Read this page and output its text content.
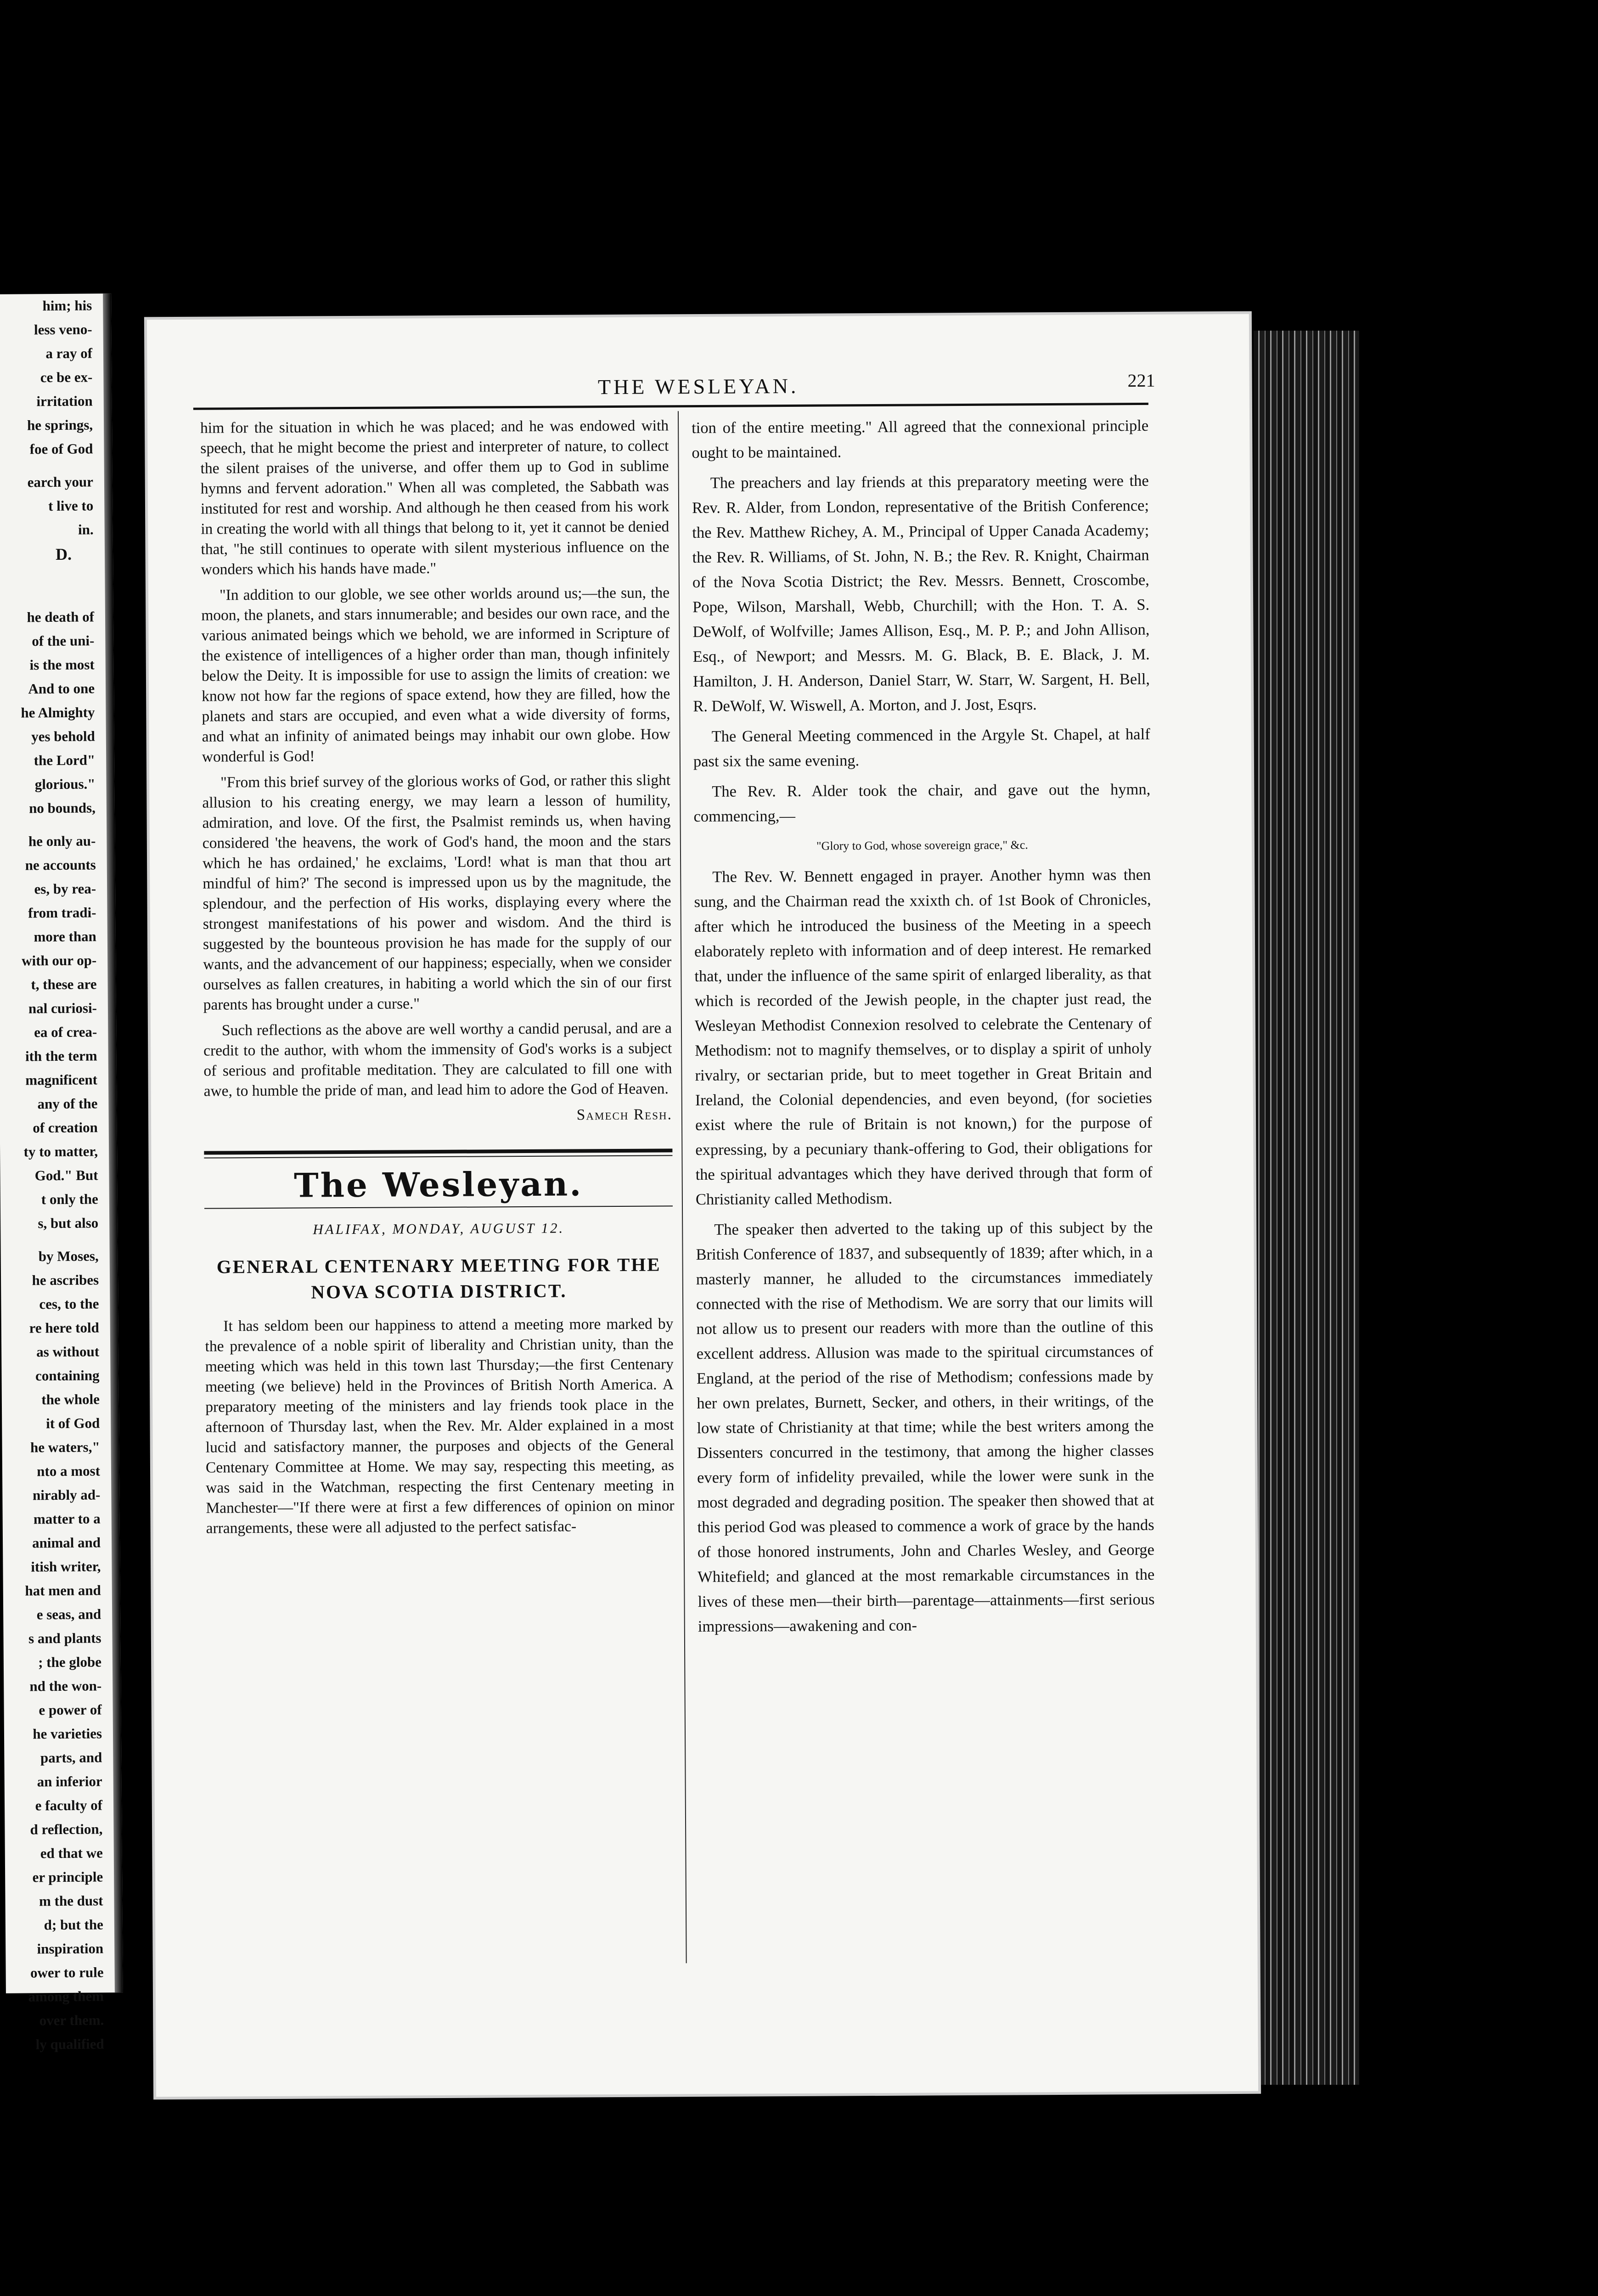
him; his
less veno-
a ray of
ce be ex-
irritation
he springs,
foe of God
earch your
t live to
in.
D.
he death of
of the uni-
is the most
And to one
he Almighty
yes behold
the Lord"
glorious."
no bounds,
he only au-
ne accounts
es, by rea-
from tradi-
more than
with our op-
t, these are
nal curiosi-
ea of crea-
ith the term
magnificent
any of the
of creation
ty to matter,
God." But
t only the
s, but also
by Moses,
he ascribes
ces, to the
re here told
as without
containing
the whole
it of God
he waters,"
nto a most
nirably ad-
matter to a
animal and
itish writer,
hat men and
e seas, and
s and plants
; the globe
nd the won-
e power of
he varieties
parts, and
an inferior
e faculty of
d reflection,
ed that we
er principle
m the dust
d; but the
inspiration
ower to rule
among them
over them.
ly qualified
THE WESLEYAN.	221

him for the situation in which he was placed; and he was endowed with speech, that he might become the priest and interpreter of nature, to collect the silent praises of the universe, and offer them up to God in sublime hymns and fervent adoration." When all was completed, the Sabbath was instituted for rest and worship. And although he then ceased from his work in creating the world with all things that belong to it, yet it cannot be denied that, "he still continues to operate with silent mysterious influence on the wonders which his hands have made."

"In addition to our globle, we see other worlds around us;—the sun, the moon, the planets, and stars innumerable; and besides our own race, and the various animated beings which we behold, we are informed in Scripture of the existence of intelligences of a higher order than man, though infinitely below the Deity. It is impossible for use to assign the limits of creation: we know not how far the regions of space extend, how they are filled, how the planets and stars are occupied, and even what a wide diversity of forms, and what an infinity of animated beings may inhabit our own globe. How wonderful is God!

"From this brief survey of the glorious works of God, or rather this slight allusion to his creating energy, we may learn a lesson of humility, admiration, and love. Of the first, the Psalmist reminds us, when having considered 'the heavens, the work of God's hand, the moon and the stars which he has ordained,' he exclaims, 'Lord! what is man that thou art mindful of him?' The second is impressed upon us by the magnitude, the splendour, and the perfection of His works, displaying every where the strongest manifestations of his power and wisdom. And the third is suggested by the bounteous provision he has made for the supply of our wants, and the advancement of our happiness; especially, when we consider ourselves as fallen creatures, in habiting a world which the sin of our first parents has brought under a curse."

Such reflections as the above are well worthy a candid perusal, and are a credit to the author, with whom the immensity of God's works is a subject of serious and profitable meditation. They are calculated to fill one with awe, to humble the pride of man, and lead him to adore the God of Heaven.

Samech Resh.

The Wesleyan.
HALIFAX, MONDAY, AUGUST 12.
GENERAL CENTENARY MEETING FOR THE NOVA SCOTIA DISTRICT.

It has seldom been our happiness to attend a meeting more marked by the prevalence of a noble spirit of liberality and Christian unity, than the meeting which was held in this town last Thursday;—the first Centenary meeting (we believe) held in the Provinces of British North America. A preparatory meeting of the ministers and lay friends took place in the afternoon of Thursday last, when the Rev. Mr. Alder explained in a most lucid and satisfactory manner, the purposes and objects of the General Centenary Committee at Home. We may say, respecting this meeting, as was said in the Watchman, respecting the first Centenary meeting in Manchester—"If there were at first a few differences of opinion on minor arrangements, these were all adjusted to the perfect satisfac-

tion of the entire meeting." All agreed that the connexional principle ought to be maintained.

The preachers and lay friends at this preparatory meeting were the Rev. R. Alder, from London, representative of the British Conference; the Rev. Matthew Richey, A. M., Principal of Upper Canada Academy; the Rev. R. Williams, of St. John, N. B.; the Rev. R. Knight, Chairman of the Nova Scotia District; the Rev. Messrs. Bennett, Croscombe, Pope, Wilson, Marshall, Webb, Churchill; with the Hon. T. A. S. DeWolf, of Wolfville; James Allison, Esq., M. P. P.; and John Allison, Esq., of Newport; and Messrs. M. G. Black, B. E. Black, J. M. Hamilton, J. H. Anderson, Daniel Starr, W. Starr, W. Sargent, H. Bell, R. DeWolf, W. Wiswell, A. Morton, and J. Jost, Esqrs.

The General Meeting commenced in the Argyle St. Chapel, at half past six the same evening.

The Rev. R. Alder took the chair, and gave out the hymn, commencing,—

"Glory to God, whose sovereign grace," &c.

The Rev. W. Bennett engaged in prayer. Another hymn was then sung, and the Chairman read the xxixth ch. of 1st Book of Chronicles, after which he introduced the business of the Meeting in a speech elaborately repleto with information and of deep interest. He remarked that, under the influence of the same spirit of enlarged liberality, as that which is recorded of the Jewish people, in the chapter just read, the Wesleyan Methodist Connexion resolved to celebrate the Centenary of Methodism: not to magnify themselves, or to display a spirit of unholy rivalry, or sectarian pride, but to meet together in Great Britain and Ireland, the Colonial dependencies, and even beyond, (for societies exist where the rule of Britain is not known,) for the purpose of expressing, by a pecuniary thank-offering to God, their obligations for the spiritual advantages which they have derived through that form of Christianity called Methodism.

The speaker then adverted to the taking up of this subject by the British Conference of 1837, and subsequently of 1839; after which, in a masterly manner, he alluded to the circumstances immediately connected with the rise of Methodism. We are sorry that our limits will not allow us to present our readers with more than the outline of this excellent address. Allusion was made to the spiritual circumstances of England, at the period of the rise of Methodism; confessions made by her own prelates, Burnett, Secker, and others, in their writings, of the low state of Christianity at that time; while the best writers among the Dissenters concurred in the testimony, that among the higher classes every form of infidelity prevailed, while the lower were sunk in the most degraded and degrading position. The speaker then showed that at this period God was pleased to commence a work of grace by the hands of those honored instruments, John and Charles Wesley, and George Whitefield; and glanced at the most remarkable circumstances in the lives of these men—their birth—parentage—attainments—first serious impressions—awakening and con-
